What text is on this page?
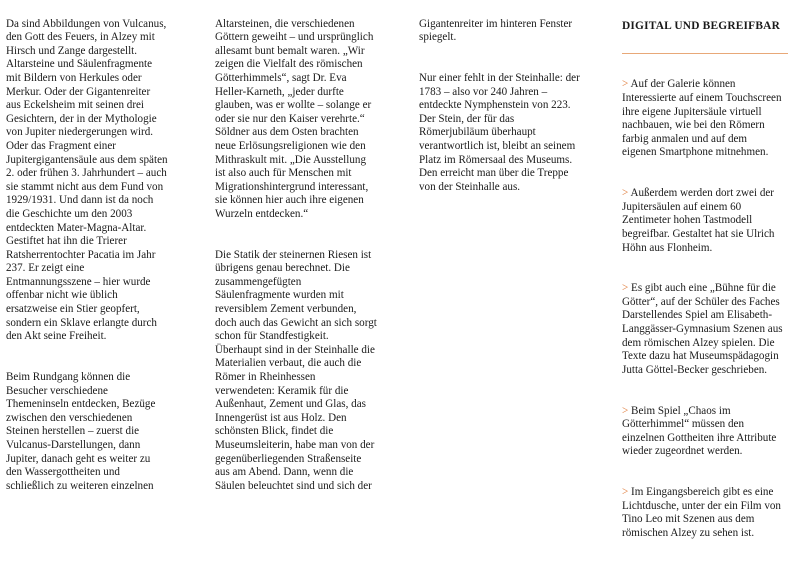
Da sind Abbildungen von Vulcanus,
den Gott des Feuers, in Alzey mit
Hirsch und Zange dargestellt.
Altarsteine und Säulenfragmente
mit Bildern von Herkules oder
Merkur. Oder der Gigantenreiter
aus Eckelsheim mit seinen drei
Gesichtern, der in der Mythologie
von Jupiter niedergerungen wird.
Oder das Fragment einer
Jupitergigantensäule aus dem späten
2. oder frühen 3. Jahrhundert – auch
sie stammt nicht aus dem Fund von
1929/1931. Und dann ist da noch
die Geschichte um den 2003
entdeckten Mater-Magna-Altar.
Gestiftet hat ihn die Trierer
Ratsherrentochter Pacatia im Jahr
237. Er zeigt eine
Entmannungsszene – hier wurde
offenbar nicht wie üblich
ersatzweise ein Stier geopfert,
sondern ein Sklave erlangte durch
den Akt seine Freiheit.

Beim Rundgang können die
Besucher verschiedene
Themeninseln entdecken, Bezüge
zwischen den verschiedenen
Steinen herstellen – zuerst die
Vulcanus-Darstellungen, dann
Jupiter, danach geht es weiter zu
den Wassergottheiten und
schließlich zu weiteren einzelnen

Altarsteinen, die verschiedenen
Göttern geweiht – und ursprünglich
allesamt bunt bemalt waren. „Wir
zeigen die Vielfalt des römischen
Götterhimmels“, sagt Dr. Eva
Heller-Karneth, „jeder durfte
glauben, was er wollte – solange er
oder sie nur den Kaiser verehrte.“
Söldner aus dem Osten brachten
neue Erlösungsreligionen wie den
Mithraskult mit. „Die Ausstellung
ist also auch für Menschen mit
Migrationshintergrund interessant,
sie können hier auch ihre eigenen
Wurzeln entdecken.“

Die Statik der steinernen Riesen ist
übrigens genau berechnet. Die
zusammengefügten
Säulenfragmente wurden mit
reversiblem Zement verbunden,
doch auch das Gewicht an sich sorgt
schon für Standfestigkeit.
Überhaupt sind in der Steinhalle die
Materialien verbaut, die auch die
Römer in Rheinhessen
verwendeten: Keramik für die
Außenhaut, Zement und Glas, das
Innengerüst ist aus Holz. Den
schönsten Blick, findet die
Museumsleiterin, habe man von der
gegenüberliegenden Straßenseite
aus am Abend. Dann, wenn die
Säulen beleuchtet sind und sich der

Gigantenreiter im hinteren Fenster
spiegelt.

Nur einer fehlt in der Steinhalle: der
1783 – also vor 240 Jahren –
entdeckte Nymphenstein von 223.
Der Stein, der für das
Römerjubiläum überhaupt
verantwortlich ist, bleibt an seinem
Platz im Römersaal des Museums.
Den erreicht man über die Treppe
von der Steinhalle aus.

DIGITAL UND BEGREIFBAR

> Auf der Galerie können
Interessierte auf einem Touchscreen
ihre eigene Jupitersäule virtuell
nachbauen, wie bei den Römern
farbig anmalen und auf dem
eigenen Smartphone mitnehmen.

> Außerdem werden dort zwei der
Jupitersäulen auf einem 60
Zentimeter hohen Tastmodell
begreifbar. Gestaltet hat sie Ulrich
Höhn aus Flonheim.

> Es gibt auch eine „Bühne für die
Götter“, auf der Schüler des Faches
Darstellendes Spiel am Elisabeth-
Langgässer-Gymnasium Szenen aus
dem römischen Alzey spielen. Die
Texte dazu hat Museumspädagogin
Jutta Göttel-Becker geschrieben.

> Beim Spiel „Chaos im
Götterhimmel“ müssen den
einzelnen Gottheiten ihre Attribute
wieder zugeordnet werden.

> Im Eingangsbereich gibt es eine
Lichtdusche, unter der ein Film von
Tino Leo mit Szenen aus dem
römischen Alzey zu sehen ist.
